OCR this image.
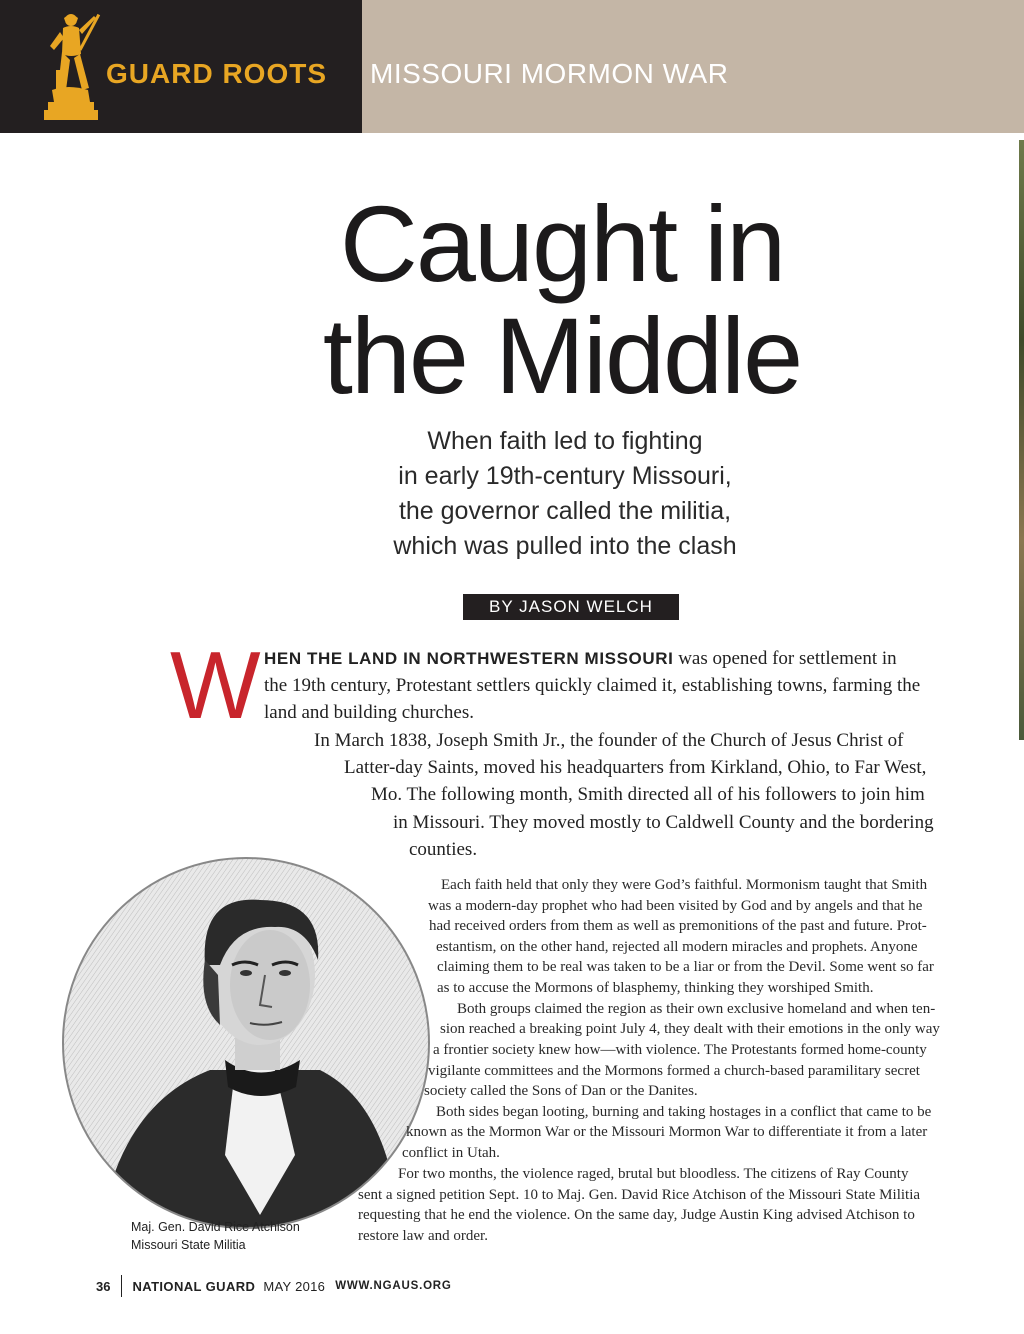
GUARD ROOTS MISSOURI MORMON WAR
Caught in
the Middle
When faith led to fighting
in early 19th-century Missouri,
the governor called the militia,
which was pulled into the clash
BY JASON WELCH
W HEN THE LAND IN NORTHWESTERN MISSOURI was opened for settlement in
the 19th century, Protestant settlers quickly claimed it, establishing towns, farming the
land and building churches.
In March 1838, Joseph Smith Jr., the founder of the Church of Jesus Christ of
Latter-day Saints, moved his headquarters from Kirkland, Ohio, to Far West,
Mo. The following month, Smith directed all of his followers to join him
in Missouri. They moved mostly to Caldwell County and the bordering
counties.
Each faith held that only they were God’s faithful. Mormonism taught that Smith
was a modern-day prophet who had been visited by God and by angels and that he
had received orders from them as well as premonitions of the past and future. Prot-
estantism, on the other hand, rejected all modern miracles and prophets. Anyone
claiming them to be real was taken to be a liar or from the Devil. Some went so far
as to accuse the Mormons of blasphemy, thinking they worshiped Smith.
Both groups claimed the region as their own exclusive homeland and when ten-
sion reached a breaking point July 4, they dealt with their emotions in the only way
a frontier society knew how—with violence. The Protestants formed home-county
vigilante committees and the Mormons formed a church-based paramilitary secret
society called the Sons of Dan or the Danites.
Both sides began looting, burning and taking hostages in a conflict that came to be
known as the Mormon War or the Missouri Mormon War to differentiate it from a later
conflict in Utah.
For two months, the violence raged, brutal but bloodless. The citizens of Ray County
sent a signed petition Sept. 10 to Maj. Gen. David Rice Atchison of the Missouri State Militia
requesting that he end the violence. On the same day, Judge Austin King advised Atchison to
restore law and order.
Maj. Gen. David Rice Atchison
Missouri State Militia
36 NATIONAL GUARD MAY 2016 WWW.NGAUS.ORG
